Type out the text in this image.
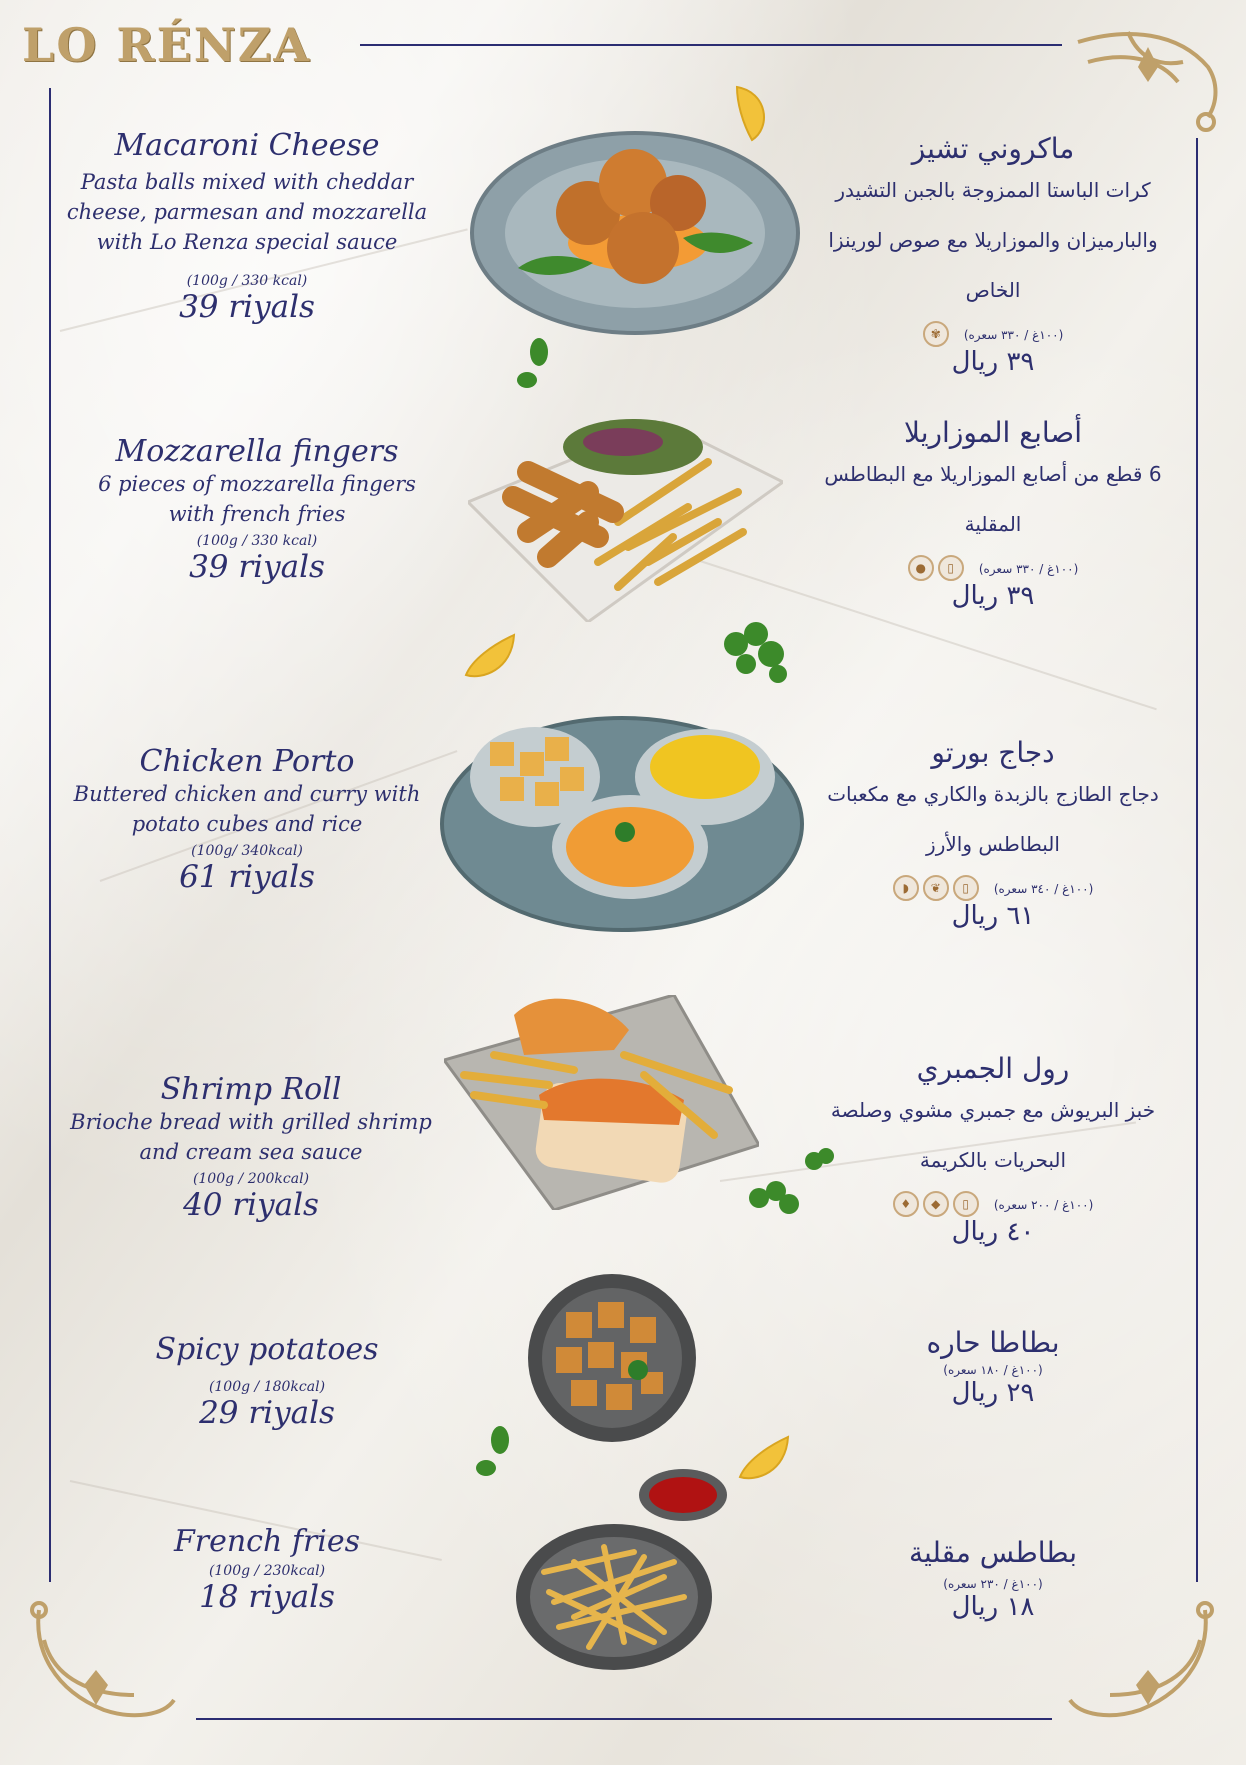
LO RÉNZA
Macaroni Cheese
Pasta balls mixed with cheddar cheese, parmesan and mozzarella with Lo Renza special sauce
(100g / 330 kcal)
39 riyals
Mozzarella fingers
6 pieces of mozzarella fingers with french fries
(100g / 330 kcal)
39 riyals
Chicken Porto
Buttered chicken and curry with potato cubes and rice
(100g/ 340kcal)
61 riyals
Shrimp Roll
Brioche bread with grilled shrimp and cream sea sauce
(100g / 200kcal)
40 riyals
Spicy potatoes
(100g / 180kcal)
29 riyals
French fries
(100g / 230kcal)
18 riyals
ماكروني تشيز
كرات الباستا الممزوجة بالجبن التشيدر والبارميزان والموزاريلا مع صوص لورينزا الخاص
(١٠٠غ / ٣٣٠ سعره)
✾
٣٩ ريال
أصابع الموزاريلا
6 قطع من أصابع الموزاريلا مع البطاطس المقلية
(١٠٠غ / ٣٣٠ سعره)
▯
●
٣٩ ريال
دجاج بورتو
دجاج الطازج بالزبدة والكاري مع مكعبات البطاطس والأرز
(١٠٠غ / ٣٤٠ سعره)
▯
❦
◗
٦١ ريال
رول الجمبري
خبز البريوش مع جمبري مشوي وصلصة البحريات بالكريمة
(١٠٠غ / ٢٠٠ سعره)
▯
◆
♦
٤٠ ريال
بطاطا حاره
(١٠٠غ / ١٨٠ سعره)
٢٩ ريال
بطاطس مقلية
(١٠٠غ / ٢٣٠ سعره)
١٨ ريال
